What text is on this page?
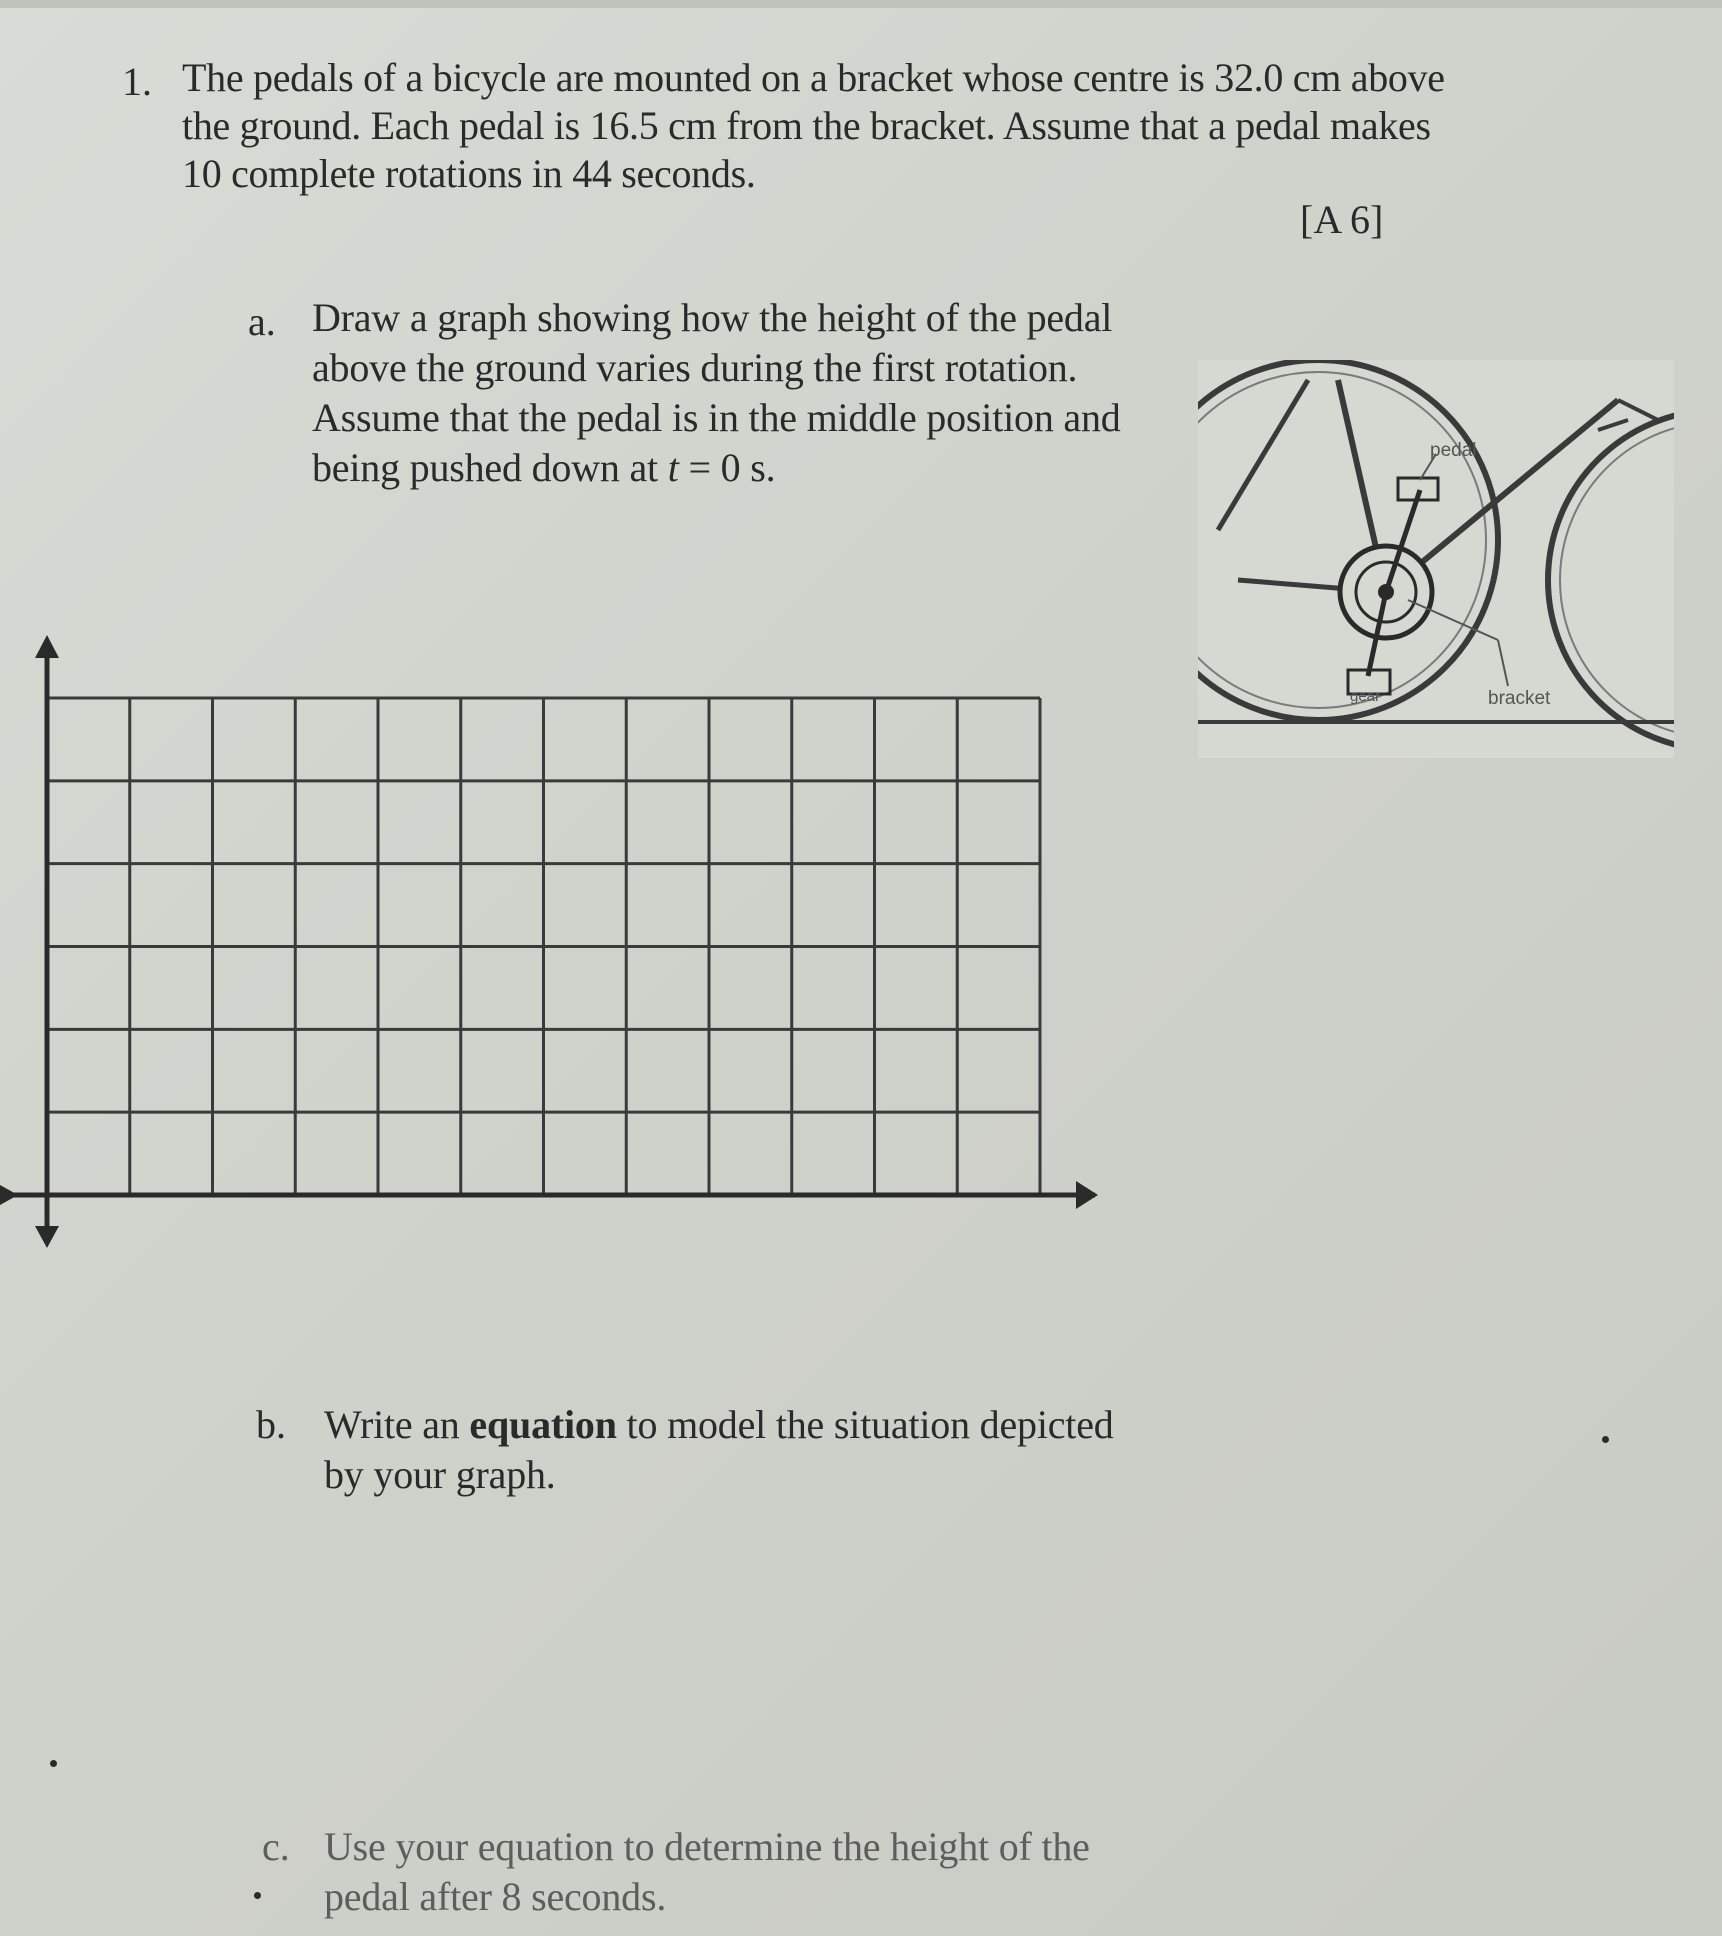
1. The pedals of a bicycle are mounted on a bracket whose centre is 32.0 cm above
the ground. Each pedal is 16.5 cm from the bracket. Assume that a pedal makes
10 complete rotations in 44 seconds.
[A 6]
a. Draw a graph showing how the height of the pedal
above the ground varies during the first rotation.
Assume that the pedal is in the middle position and
being pushed down at t = 0 s.	pedal
bracket
gear
b. Write an equation to model the situation depicted
by your graph.
c. Use your equation to determine the height of the
pedal after 8 seconds.
